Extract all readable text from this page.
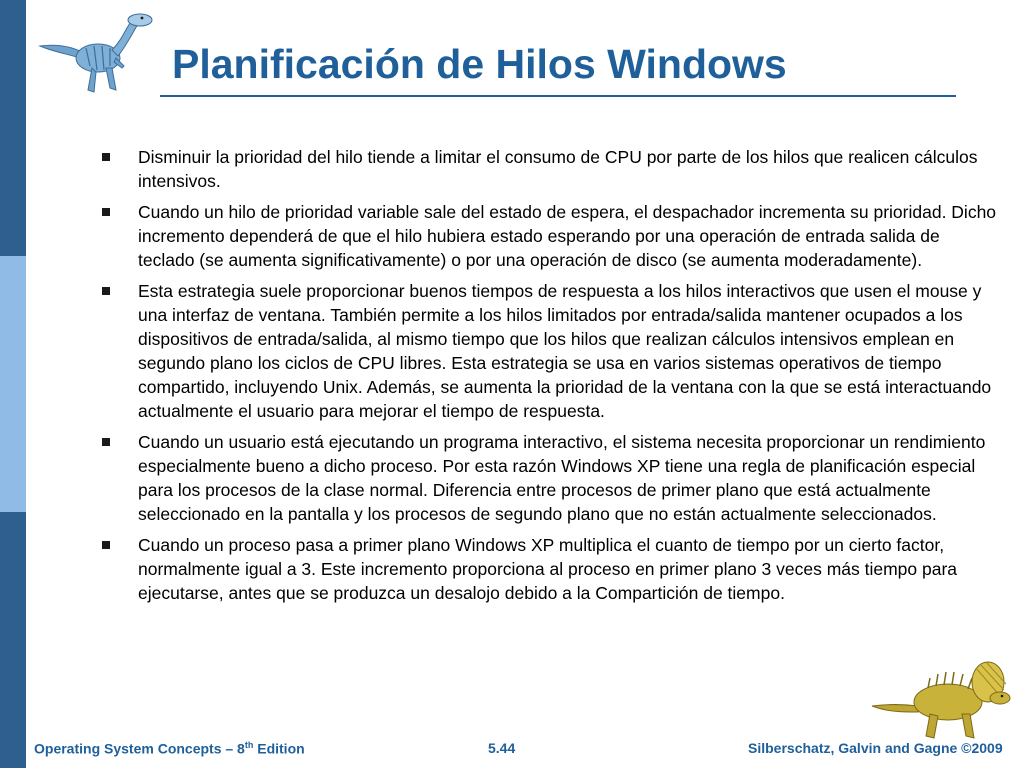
Planificación de Hilos Windows
Disminuir la prioridad del hilo tiende a limitar el consumo de CPU por parte de los hilos que realicen cálculos intensivos.
Cuando un hilo de prioridad variable sale del estado de espera, el despachador incrementa su prioridad. Dicho incremento dependerá de que el hilo hubiera estado esperando por una operación de entrada salida de teclado (se aumenta significativamente) o por una operación de disco (se aumenta moderadamente).
Esta estrategia suele proporcionar buenos tiempos de respuesta a los hilos interactivos que usen el mouse y una interfaz de ventana. También permite a los hilos limitados por entrada/salida mantener ocupados a los dispositivos de entrada/salida, al mismo tiempo que los hilos que realizan cálculos intensivos emplean en segundo plano los ciclos de CPU libres. Esta estrategia se usa en varios sistemas operativos de tiempo compartido, incluyendo Unix. Además, se aumenta la prioridad de la ventana con la que se está interactuando actualmente el usuario para mejorar el tiempo de respuesta.
Cuando un usuario está ejecutando un programa interactivo, el sistema necesita proporcionar un rendimiento especialmente bueno a dicho proceso. Por esta razón Windows XP tiene una regla de planificación especial para los procesos de la clase normal. Diferencia entre procesos de primer plano que está actualmente seleccionado en la pantalla y los procesos de segundo plano que no están actualmente seleccionados.
Cuando un proceso pasa a primer plano Windows XP multiplica el cuanto de tiempo por un cierto factor, normalmente igual a 3. Este incremento proporciona al proceso en primer plano 3 veces más tiempo para ejecutarse, antes que se produzca un desalojo debido a la Compartición de tiempo.
Operating System Concepts – 8th Edition	5.44	Silberschatz, Galvin and Gagne ©2009
